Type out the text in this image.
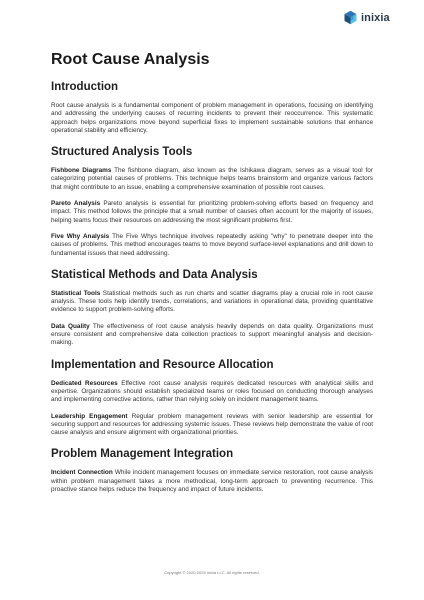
inixia
Root Cause Analysis
Introduction

Root cause analysis is a fundamental component of problem management in operations, focusing on identifying and addressing the underlying causes of recurring incidents to prevent their reoccurrence. This systematic approach helps organizations move beyond superficial fixes to implement sustainable solutions that enhance operational stability and efficiency.

Structured Analysis Tools

Fishbone Diagrams The fishbone diagram, also known as the Ishikawa diagram, serves as a visual tool for categorizing potential causes of problems. This technique helps teams brainstorm and organize various factors that might contribute to an issue, enabling a comprehensive examination of possible root causes.

Pareto Analysis Pareto analysis is essential for prioritizing problem-solving efforts based on frequency and impact. This method follows the principle that a small number of causes often account for the majority of issues, helping teams focus their resources on addressing the most significant problems first.

Five Why Analysis The Five Whys technique involves repeatedly asking "why" to penetrate deeper into the causes of problems. This method encourages teams to move beyond surface-level explanations and drill down to fundamental issues that need addressing.

Statistical Methods and Data Analysis

Statistical Tools Statistical methods such as run charts and scatter diagrams play a crucial role in root cause analysis. These tools help identify trends, correlations, and variations in operational data, providing quantitative evidence to support problem-solving efforts.

Data Quality The effectiveness of root cause analysis heavily depends on data quality. Organizations must ensure consistent and comprehensive data collection practices to support meaningful analysis and decision-making.

Implementation and Resource Allocation

Dedicated Resources Effective root cause analysis requires dedicated resources with analytical skills and expertise. Organizations should establish specialized teams or roles focused on conducting thorough analyses and implementing corrective actions, rather than relying solely on incident management teams.

Leadership Engagement Regular problem management reviews with senior leadership are essential for securing support and resources for addressing systemic issues. These reviews help demonstrate the value of root cause analysis and ensure alignment with organizational priorities.

Problem Management Integration

Incident Connection While incident management focuses on immediate service restoration, root cause analysis within problem management takes a more methodical, long-term approach to preventing recurrence. This proactive stance helps reduce the frequency and impact of future incidents.

Copyright © 2020-2025 Inixia LLC. All rights reserved.
